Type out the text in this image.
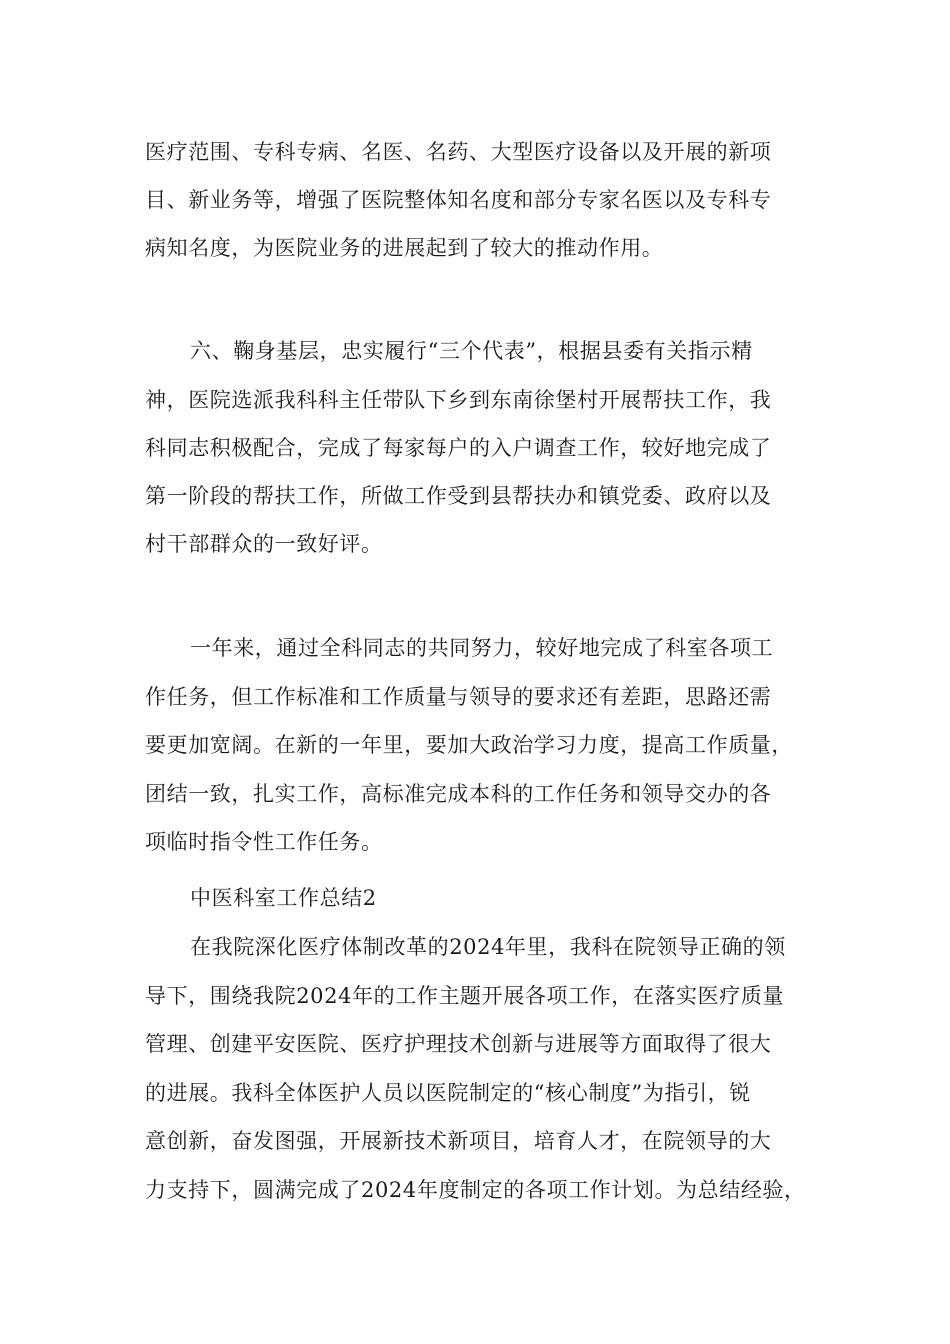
医疗范围、专科专病、名医、名药、大型医疗设备以及开展的新项
目、新业务等，增强了医院整体知名度和部分专家名医以及专科专
病知名度，为医院业务的进展起到了较大的推动作用。
六、鞠身基层，忠实履行“三个代表”，根据县委有关指示精
神，医院选派我科科主任带队下乡到东南徐堡村开展帮扶工作，我
科同志积极配合，完成了每家每户的入户调查工作，较好地完成了
第一阶段的帮扶工作，所做工作受到县帮扶办和镇党委、政府以及
村干部群众的一致好评。
一年来，通过全科同志的共同努力，较好地完成了科室各项工
作任务，但工作标准和工作质量与领导的要求还有差距，思路还需
要更加宽阔。在新的一年里，要加大政治学习力度，提高工作质量，
团结一致，扎实工作，高标准完成本科的工作任务和领导交办的各
项临时指令性工作任务。
中医科室工作总结2
在我院深化医疗体制改革的2024年里，我科在院领导正确的领
导下，围绕我院2024年的工作主题开展各项工作，在落实医疗质量
管理、创建平安医院、医疗护理技术创新与进展等方面取得了很大
的进展。我科全体医护人员以医院制定的“核心制度”为指引，锐
意创新，奋发图强，开展新技术新项目，培育人才，在院领导的大
力支持下，圆满完成了2024年度制定的各项工作计划。为总结经验，
